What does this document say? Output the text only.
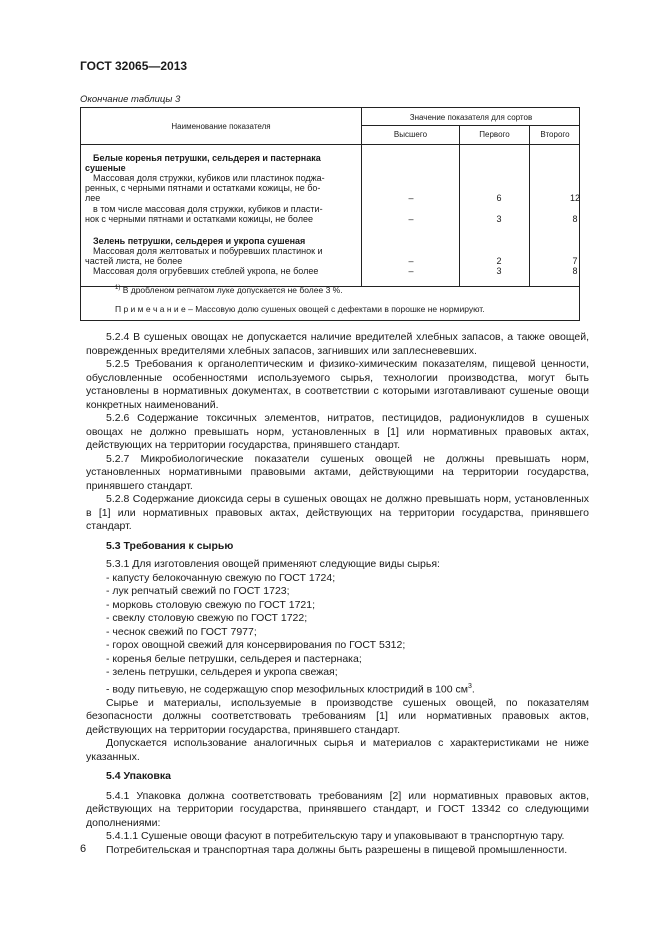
ГОСТ 32065—2013
Окончание таблицы 3
Наименование показателя
Значение показателя для сортов
Высшего	Первого	Второго
Белые коренья петрушки, сельдерея и пастернака
сушеные
Массовая доля стружки, кубиков или пластинок поджа-
ренных, с черными пятнами и остатками кожицы, не бо-
лее	–	6	12
в том числе массовая доля стружки, кубиков и пласти-
нок с черными пятнами и остатками кожицы, не более	–	3	8
Зелень петрушки, сельдерея и укропа сушеная
Массовая доля желтоватых и побуревших пластинок и
частей листа, не более	–	2	7
Массовая доля огрубевших стеблей укропа, не более	–	3	8
$^{1)}$ В дробленом репчатом луке допускается не более 3 %.
П р и м е ч а н и е – Массовую долю сушеных овощей с дефектами в порошке не нормируют.

5.2.4 В сушеных овощах не допускается наличие вредителей хлебных запасов, а также овощей, поврежденных вредителями хлебных запасов, загнивших или заплесневевших.

5.2.5 Требования к органолептическим и физико-химическим показателям, пищевой ценности, обусловленные особенностями используемого сырья, технологии производства, могут быть установлены в нормативных документах, в соответствии с которыми изготавливают сушеные овощи конкретных наименований.

5.2.6 Содержание токсичных элементов, нитратов, пестицидов, радионуклидов в сушеных овощах не должно превышать норм, установленных в [1] или нормативных правовых актах, действующих на территории государства, принявшего стандарт.

5.2.7 Микробиологические показатели сушеных овощей не должны превышать норм, установленных нормативными правовыми актами, действующими на территории государства, принявшего стандарт.

5.2.8 Содержание диоксида серы в сушеных овощах не должно превышать норм, установленных в [1] или нормативных правовых актах, действующих на территории государства, принявшего стандарт.

5.3 Требования к сырью

5.3.1 Для изготовления овощей применяют следующие виды сырья:

- капусту белокочанную свежую по ГОСТ 1724;

- лук репчатый свежий по ГОСТ 1723;

- морковь столовую свежую по ГОСТ 1721;

- свеклу столовую свежую по ГОСТ 1722;

- чеснок свежий по ГОСТ 7977;

- горох овощной свежий для консервирования по ГОСТ 5312;

- коренья белые петрушки, сельдерея и пастернака;

- зелень петрушки, сельдерея и укропа свежая;

- воду питьевую, не содержащую спор мезофильных клостридий в 100 $см^3$.

Сырье и материалы, используемые в производстве сушеных овощей, по показателям безопасности должны соответствовать требованиям [1] или нормативных правовых актов, действующих на территории государства, принявшего стандарт.

Допускается использование аналогичных сырья и материалов с характеристиками не ниже указанных.

5.4 Упаковка

5.4.1 Упаковка должна соответствовать требованиям [2] или нормативных правовых актов, действующих на территории государства, принявшего стандарт, и ГОСТ 13342 со следующими дополнениями:

5.4.1.1 Сушеные овощи фасуют в потребительскую тару и упаковывают в транспортную тару.

Потребительская и транспортная тара должны быть разрешены в пищевой промышленности.

6
